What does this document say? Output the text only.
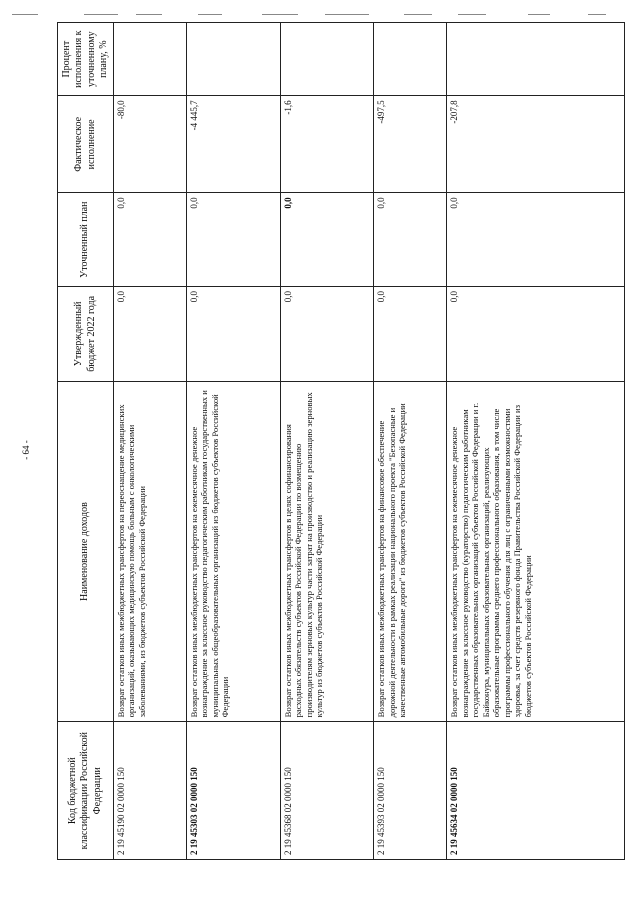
- 64 -
Код бюджетной классификации Российской Федерации	Наименование доходов	Утвержденный бюджет 2022 года	Уточненный план	Фактическое исполнение	Процент исполнения к уточненному плану, %
2 19 45190 02 0000 150	Возврат остатков иных межбюджетных трансфертов на переоснащение медицинских организаций, оказывающих медицинскую помощь больным с онкологическими заболеваниями, из бюджетов субъектов Российской Федерации	0,0	0,0	-80,0	
2 19 45303 02 0000 150	Возврат остатков иных межбюджетных трансфертов на ежемесячное денежное вознаграждение за классное руководство педагогическим работникам государственных и муниципальных общеобразовательных организаций из бюджетов субъектов Российской Федерации	0,0	0,0	-4 445,7	
2 19 45368 02 0000 150	Возврат остатков иных межбюджетных трансфертов в целях софинансирования расходных обязательств субъектов Российской Федерации по возмещению производителям зерновых культур части затрат на производство и реализацию зерновых культур из бюджетов субъектов Российской Федерации	0,0	0,0	-1,6	
2 19 45393 02 0000 150	Возврат остатков иных межбюджетных трансфертов на финансовое обеспечение дорожной деятельности в рамках реализации национального проекта "Безопасные и качественные автомобильные дороги" из бюджетов субъектов Российской Федерации	0,0	0,0	-497,5	
2 19 45634 02 0000 150	Возврат остатков иных межбюджетных трансфертов на ежемесячное денежное вознаграждение за классное руководство (кураторство) педагогическим работникам государственных образовательных организаций субъектов Российской Федерации и г. Байконура, муниципальных образовательных организаций, реализующих образовательные программы среднего профессионального образования, в том числе программы профессионального обучения для лиц с ограниченными возможностями здоровья, за счет средств резервного фонда Правительства Российской Федерации из бюджетов субъектов Российской Федерации	0,0	0,0	-207,8	
